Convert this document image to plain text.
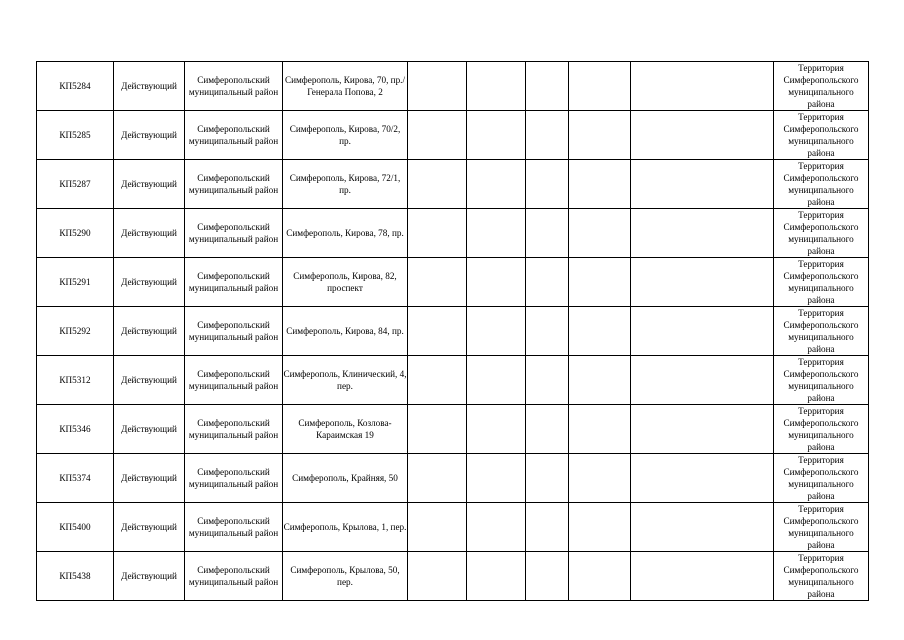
КП5284	Действующий	Симферопольский муниципальный район	Симферополь, Кирова, 70, пр./ Генерала Попова, 2						Территория Симферопольского муниципального района
КП5285	Действующий	Симферопольский муниципальный район	Симферополь, Кирова, 70/2, пр.						Территория Симферопольского муниципального района
КП5287	Действующий	Симферопольский муниципальный район	Симферополь, Кирова, 72/1, пр.						Территория Симферопольского муниципального района
КП5290	Действующий	Симферопольский муниципальный район	Симферополь, Кирова, 78, пр.						Территория Симферопольского муниципального района
КП5291	Действующий	Симферопольский муниципальный район	Симферополь, Кирова, 82, проспект						Территория Симферопольского муниципального района
КП5292	Действующий	Симферопольский муниципальный район	Симферополь, Кирова, 84, пр.						Территория Симферопольского муниципального района
КП5312	Действующий	Симферопольский муниципальный район	Симферополь, Клинический, 4, пер.						Территория Симферопольского муниципального района
КП5346	Действующий	Симферопольский муниципальный район	Симферополь, Козлова-Караимская 19						Территория Симферопольского муниципального района
КП5374	Действующий	Симферопольский муниципальный район	Симферополь, Крайняя, 50						Территория Симферопольского муниципального района
КП5400	Действующий	Симферопольский муниципальный район	Симферополь, Крылова, 1, пер.						Территория Симферопольского муниципального района
КП5438	Действующий	Симферопольский муниципальный район	Симферополь, Крылова, 50, пер.						Территория Симферопольского муниципального района
